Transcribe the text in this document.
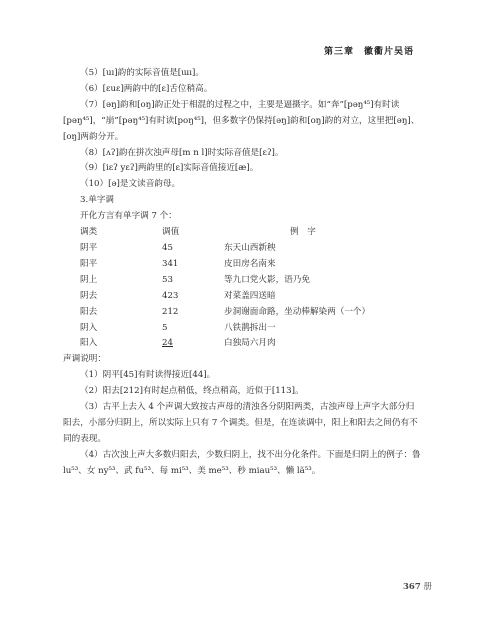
第三章　徽衢片吴语

（5）[uı]韵的实际音值是[ɯı]。

（6）[ɛuɛ]两韵中的[ɛ]舌位稍高。

（7）[əŋ]韵和[oŋ]韵正处于相混的过程之中，主要是逼摄字。如“奔”[pəŋ⁴⁵]有时读

[pəŋ⁴⁵]，“崩”[pəŋ⁴⁵]有时读[poŋ⁴⁵]，但多数字仍保持[əŋ]韵和[oŋ]韵的对立，这里把[əŋ]、

[oŋ]两韵分开。

（8）[ʌʔ]韵在拼次浊声母[m n l]时实际音值是[ɛʔ]。

（9）[iɛʔ yɛʔ]两韵里的[ɛ]实际音值接近[æ]。

（10）[ə]是文读音韵母。

3.单字调

开化方言有单字调 7 个：

调类	调值	例　字
阴平	45	东天山西新秧
阳平	341	皮田房名南来
阴上	53	等九口党火影，语乃免
阴去	423	对菜盖四送暗
阳去	212	步洞谢面命路，坐动棒解染两（一个）
阴入	5	八铁鹊拆出一
阳入	24	白独局六月肉

声调说明：

（1）阴平[45]有时读得接近[44]。

（2）阳去[212]有时起点稍低，终点稍高，近似于[113]。

（3）古平上去入 4 个声调大致按古声母的清浊各分阴阳两类，古浊声母上声字大部分归

阳去，小部分归阴上，所以实际上只有 7 个调类。但是，在连读调中，阳上和阳去之间仍有不

同的表现。

（4）古次浊上声大多数归阳去，少数归阴上，找不出分化条件。下面是归阴上的例子：鲁

lu⁵³、女 ny⁵³、武 fu⁵³、每 mi⁵³、美 me⁵³、秒 miau⁵³、懒 lã⁵³。

367 册
